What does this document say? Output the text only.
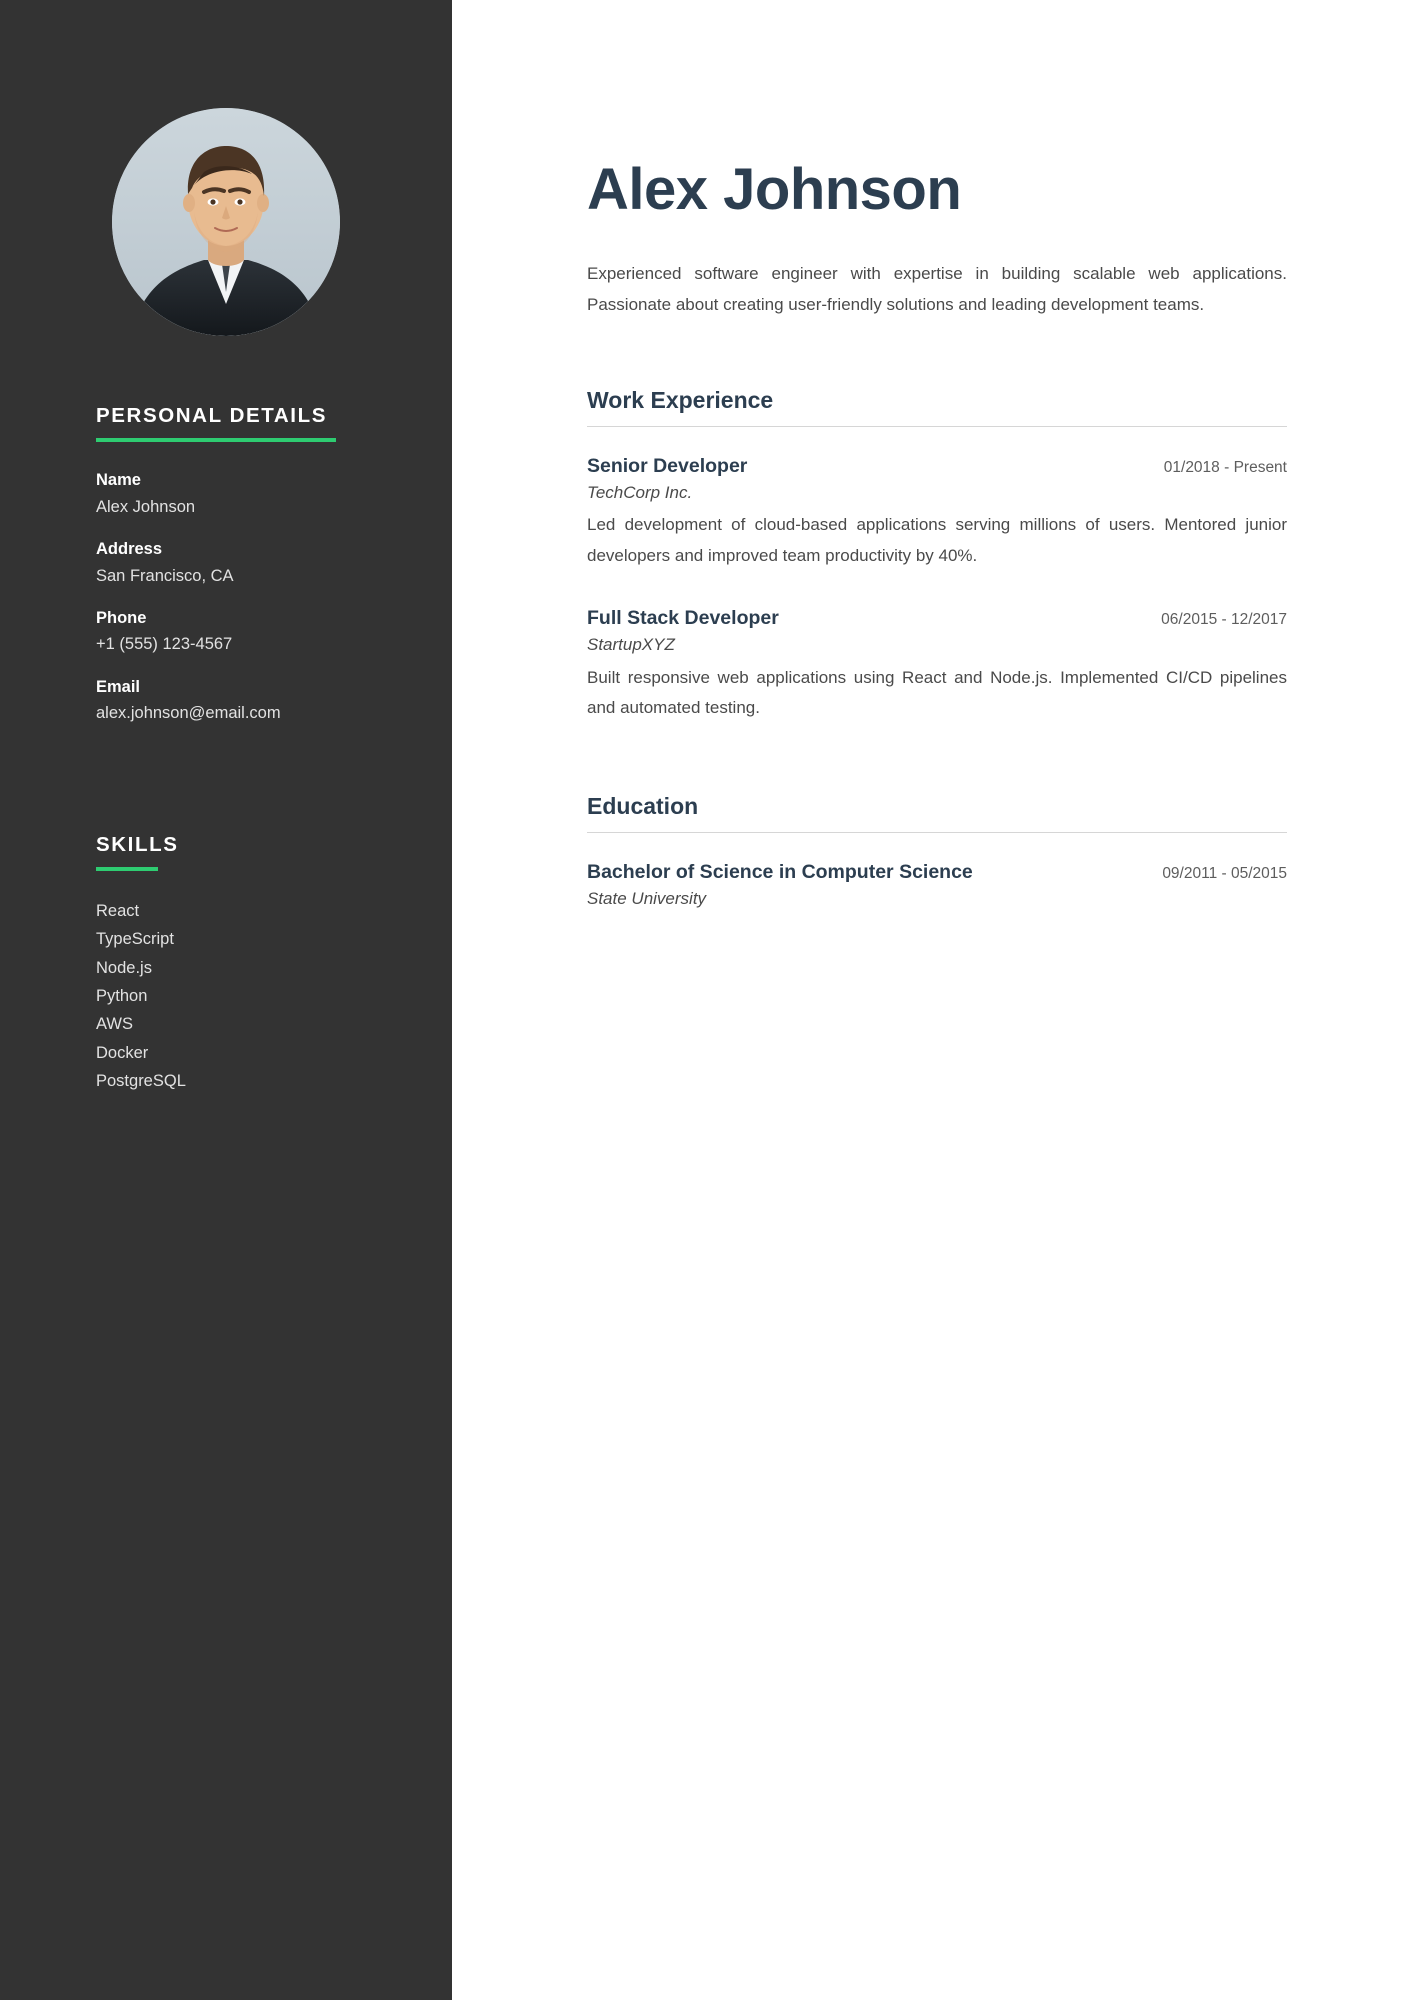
PERSONAL DETAILS
Name
Alex Johnson
Address
San Francisco, CA
Phone
+1 (555) 123-4567
Email
alex.johnson@email.com
SKILLS
React
TypeScript
Node.js
Python
AWS
Docker
PostgreSQL
Alex Johnson

Experienced software engineer with expertise in building scalable web applications. Passionate about creating user-friendly solutions and leading development teams.

Work Experience
Senior Developer	01/2018 - Present
TechCorp Inc.
Led development of cloud-based applications serving millions of users. Mentored junior developers and improved team productivity by 40%.
Full Stack Developer	06/2015 - 12/2017
StartupXYZ
Built responsive web applications using React and Node.js. Implemented CI/CD pipelines and automated testing.
Education
Bachelor of Science in Computer Science	09/2011 - 05/2015
State University
